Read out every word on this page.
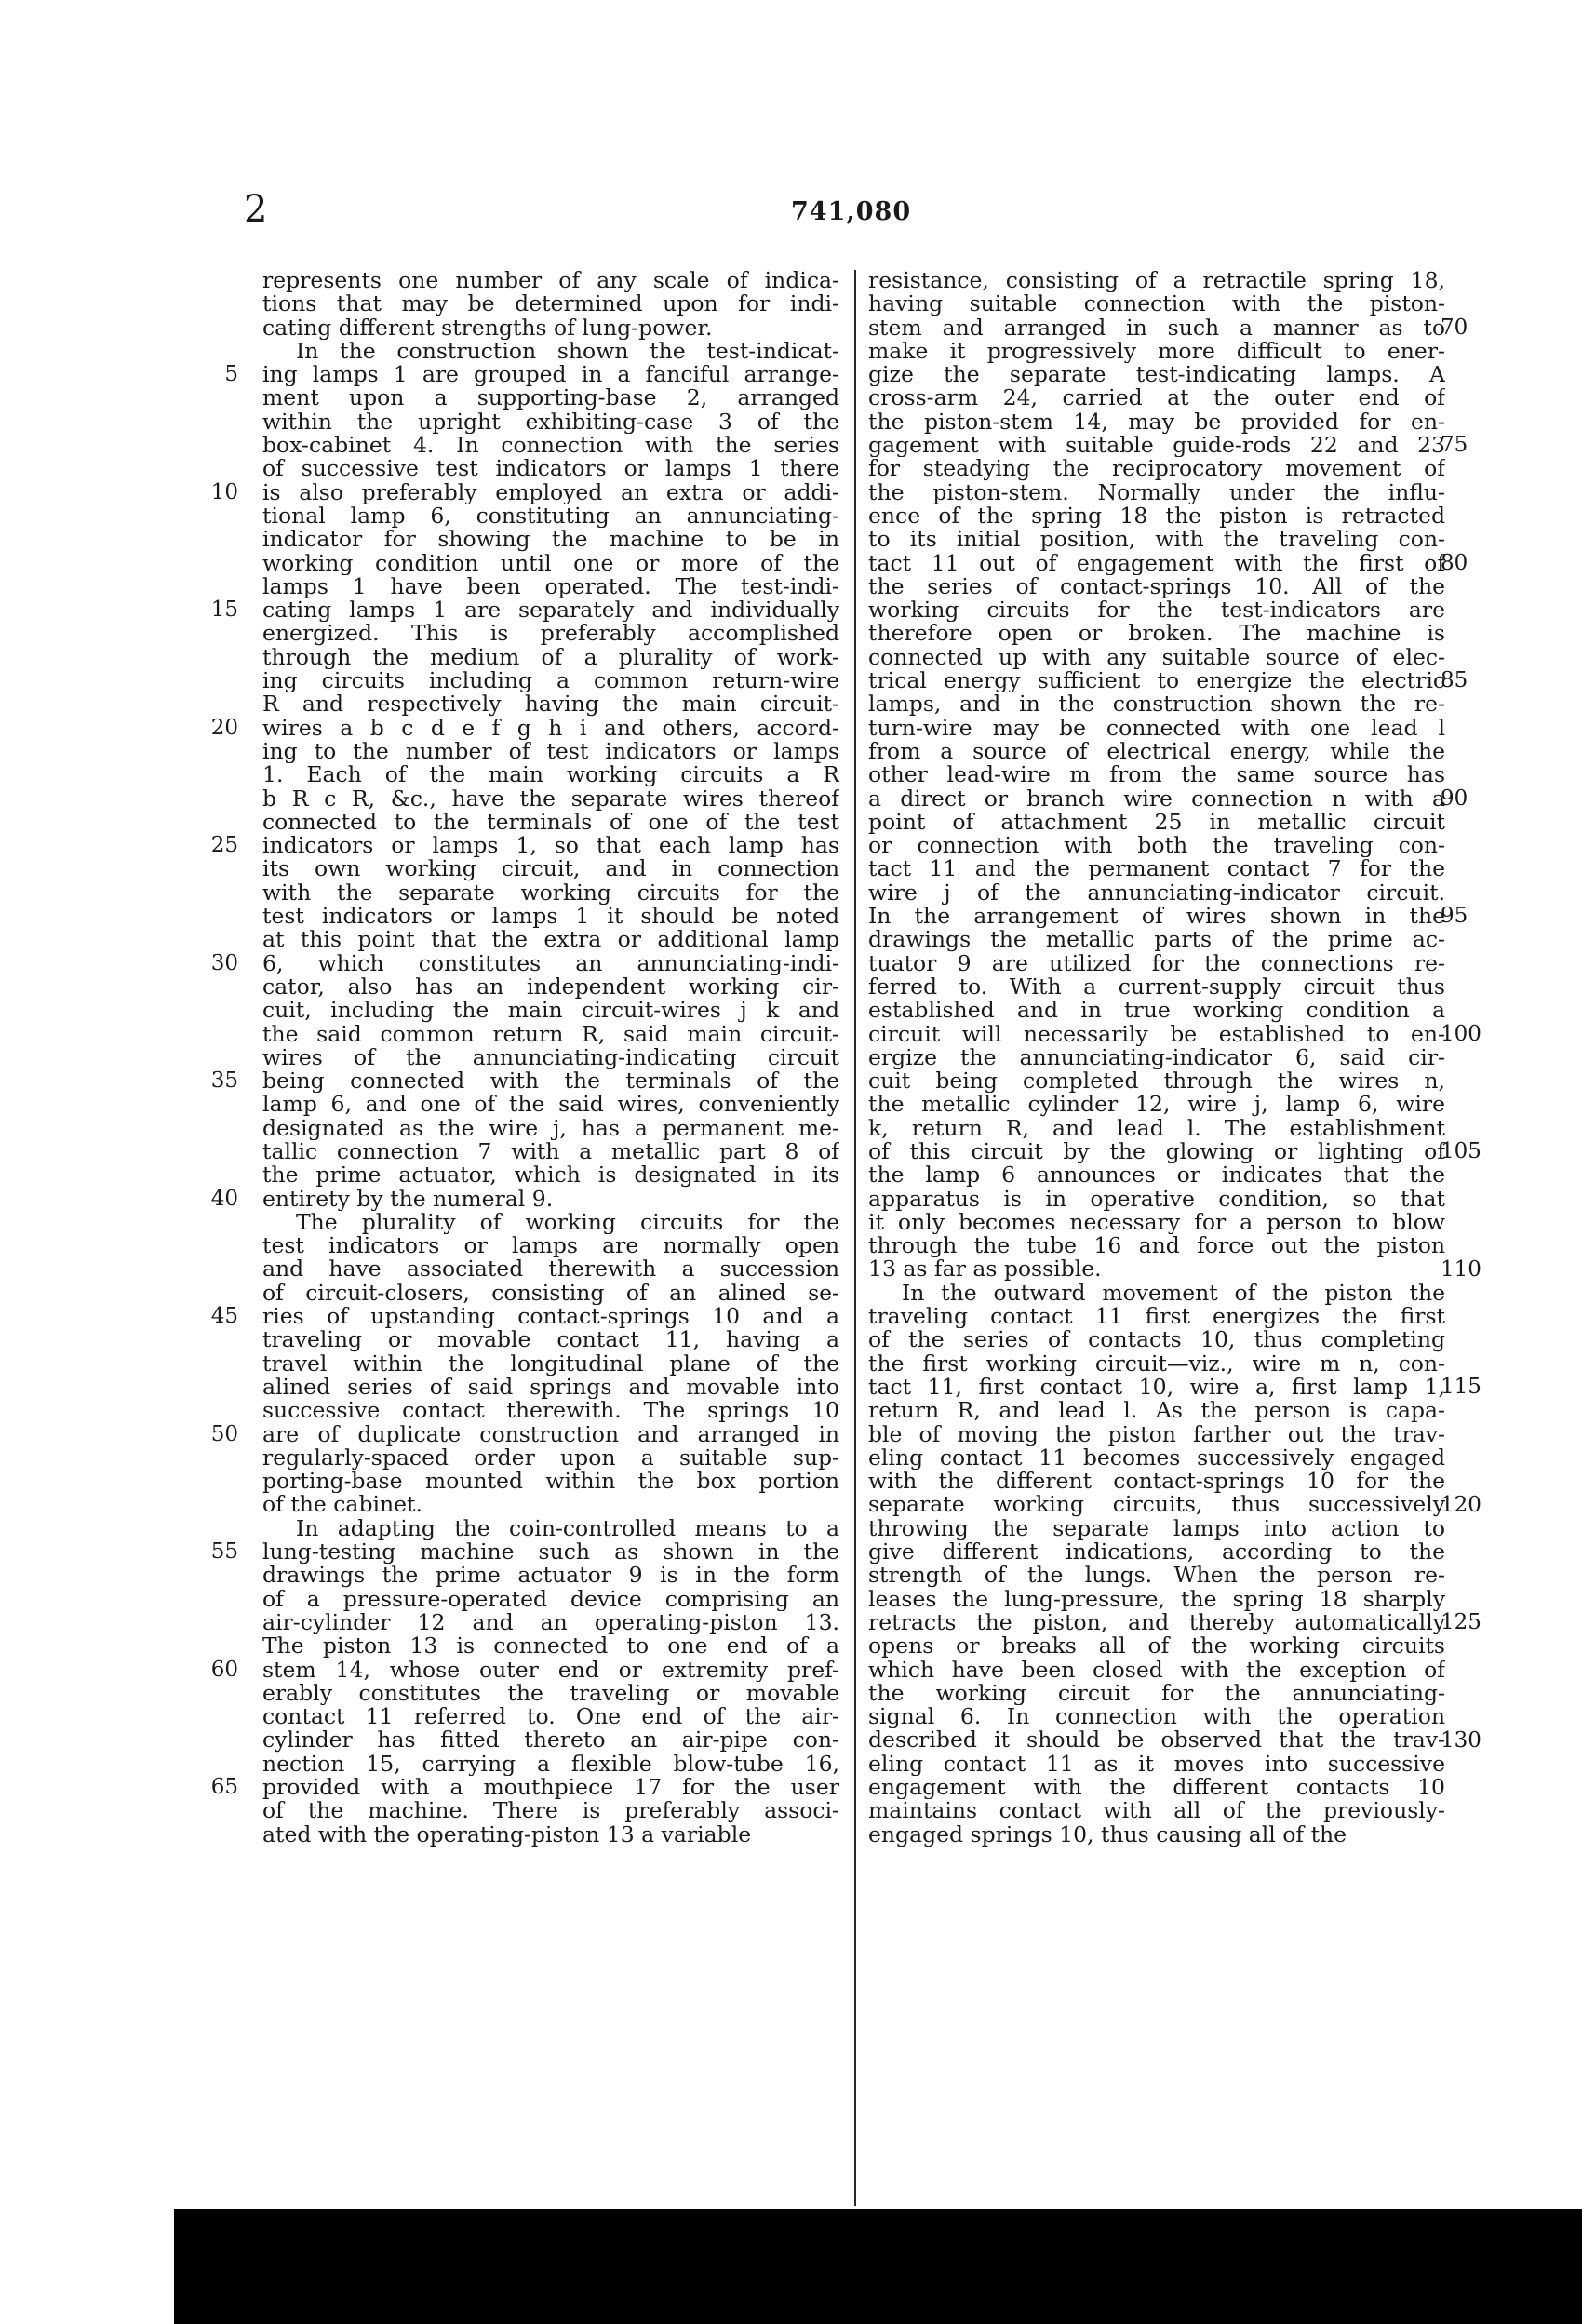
2	741,080
represents one number of any scale of indica-
tions that may be determined upon for indi-
cating different strengths of lung-power.
In the construction shown the test-indicat-
ing lamps 1 are grouped in a fanciful arrange-
ment upon a supporting-base 2, arranged
within the upright exhibiting-case 3 of the
box-cabinet 4. In connection with the series
of successive test indicators or lamps 1 there
is also preferably employed an extra or addi-
tional lamp 6, constituting an annunciating-
indicator for showing the machine to be in
working condition until one or more of the
lamps 1 have been operated. The test-indi-
cating lamps 1 are separately and individually
energized. This is preferably accomplished
through the medium of a plurality of work-
ing circuits including a common return-wire
R and respectively having the main circuit-
wires a b c d e f g h i and others, accord-
ing to the number of test indicators or lamps
1. Each of the main working circuits a R
b R c R, &c., have the separate wires thereof
connected to the terminals of one of the test
indicators or lamps 1, so that each lamp has
its own working circuit, and in connection
with the separate working circuits for the
test indicators or lamps 1 it should be noted
at this point that the extra or additional lamp
6, which constitutes an annunciating-indi-
cator, also has an independent working cir-
cuit, including the main circuit-wires j k and
the said common return R, said main circuit-
wires of the annunciating-indicating circuit
being connected with the terminals of the
lamp 6, and one of the said wires, conveniently
designated as the wire j, has a permanent me-
tallic connection 7 with a metallic part 8 of
the prime actuator, which is designated in its
entirety by the numeral 9.
The plurality of working circuits for the
test indicators or lamps are normally open
and have associated therewith a succession
of circuit-closers, consisting of an alined se-
ries of upstanding contact-springs 10 and a
traveling or movable contact 11, having a
travel within the longitudinal plane of the
alined series of said springs and movable into
successive contact therewith. The springs 10
are of duplicate construction and arranged in
regularly-spaced order upon a suitable sup-
porting-base mounted within the box portion
of the cabinet.
In adapting the coin-controlled means to a
lung-testing machine such as shown in the
drawings the prime actuator 9 is in the form
of a pressure-operated device comprising an
air-cylinder 12 and an operating-piston 13.
The piston 13 is connected to one end of a
stem 14, whose outer end or extremity pref-
erably constitutes the traveling or movable
contact 11 referred to. One end of the air-
cylinder has fitted thereto an air-pipe con-
nection 15, carrying a flexible blow-tube 16,
provided with a mouthpiece 17 for the user
of the machine. There is preferably associ-
ated with the operating-piston 13 a variable
resistance, consisting of a retractile spring 18,
having suitable connection with the piston-
stem and arranged in such a manner as to
make it progressively more difficult to ener-
gize the separate test-indicating lamps. A
cross-arm 24, carried at the outer end of
the piston-stem 14, may be provided for en-
gagement with suitable guide-rods 22 and 23
for steadying the reciprocatory movement of
the piston-stem. Normally under the influ-
ence of the spring 18 the piston is retracted
to its initial position, with the traveling con-
tact 11 out of engagement with the first of
the series of contact-springs 10. All of the
working circuits for the test-indicators are
therefore open or broken. The machine is
connected up with any suitable source of elec-
trical energy sufficient to energize the electric
lamps, and in the construction shown the re-
turn-wire may be connected with one lead l
from a source of electrical energy, while the
other lead-wire m from the same source has
a direct or branch wire connection n with a
point of attachment 25 in metallic circuit
or connection with both the traveling con-
tact 11 and the permanent contact 7 for the
wire j of the annunciating-indicator circuit.
In the arrangement of wires shown in the
drawings the metallic parts of the prime ac-
tuator 9 are utilized for the connections re-
ferred to. With a current-supply circuit thus
established and in true working condition a
circuit will necessarily be established to en-
ergize the annunciating-indicator 6, said cir-
cuit being completed through the wires n,
the metallic cylinder 12, wire j, lamp 6, wire
k, return R, and lead l. The establishment
of this circuit by the glowing or lighting of
the lamp 6 announces or indicates that the
apparatus is in operative condition, so that
it only becomes necessary for a person to blow
through the tube 16 and force out the piston
13 as far as possible.
In the outward movement of the piston the
traveling contact 11 first energizes the first
of the series of contacts 10, thus completing
the first working circuit—viz., wire m n, con-
tact 11, first contact 10, wire a, first lamp 1,
return R, and lead l. As the person is capa-
ble of moving the piston farther out the trav-
eling contact 11 becomes successively engaged
with the different contact-springs 10 for the
separate working circuits, thus successively
throwing the separate lamps into action to
give different indications, according to the
strength of the lungs. When the person re-
leases the lung-pressure, the spring 18 sharply
retracts the piston, and thereby automatically
opens or breaks all of the working circuits
which have been closed with the exception of
the working circuit for the annunciating-
signal 6. In connection with the operation
described it should be observed that the trav-
eling contact 11 as it moves into successive
engagement with the different contacts 10
maintains contact with all of the previously-
engaged springs 10, thus causing all of the
5
10
15
20
25
30
35
40
45
50
55
60
65
70
75
80
85
90
95
100
105
110
115
120
125
130
